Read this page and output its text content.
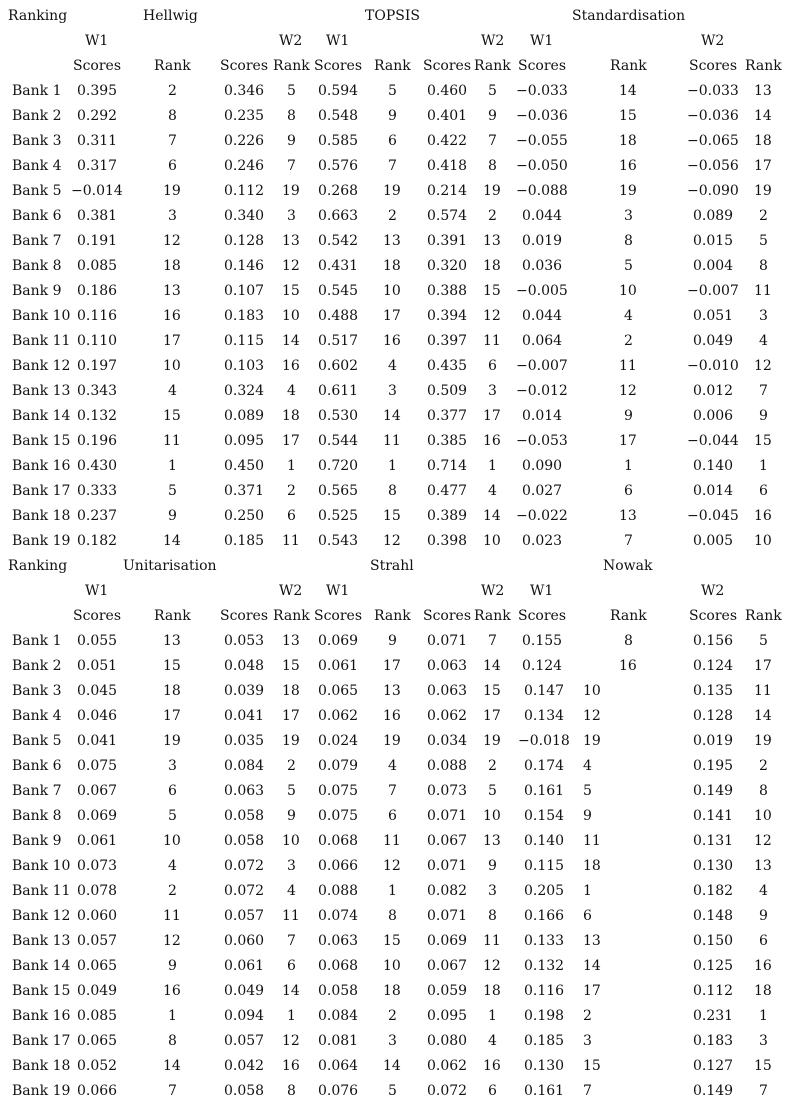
Ranking	Hellwig	TOPSIS	Standardisation
W1	W2 W1	W2 W1	W2
Scores Rank Scores Rank Scores Rank Scores Rank Scores	Rank	Scores Rank
Bank 1 0.395	2	0.346 5 0.594 5 0.460 5 −0.033	14	−0.033 13
Bank 2 0.292	8	0.235 8 0.548 9 0.401 9 −0.036	15	−0.036 14
Bank 3 0.311	7	0.226 9 0.585 6 0.422 7 −0.055	18	−0.065 18
Bank 4 0.317	6	0.246 7 0.576 7 0.418 8 −0.050	16	−0.056 17
Bank 5 −0.014	19	0.112 19 0.268 19 0.214 19 −0.088	19	−0.090 19
Bank 6 0.381	3	0.340 3 0.663 2 0.574 2 0.044	3	0.089 2
Bank 7 0.191	12	0.128 13 0.542 13 0.391 13 0.019	8	0.015 5
Bank 8 0.085	18	0.146 12 0.431 18 0.320 18 0.036	5	0.004 8
Bank 9 0.186	13	0.107 15 0.545 10 0.388 15 −0.005	10	−0.007 11
Bank 10 0.116	16	0.183 10 0.488 17 0.394 12 0.044	4	0.051 3
Bank 11 0.110	17	0.115 14 0.517 16 0.397 11 0.064	2	0.049 4
Bank 12 0.197	10	0.103 16 0.602 4 0.435 6 −0.007	11	−0.010 12
Bank 13 0.343	4	0.324 4 0.611 3 0.509 3 −0.012	12	0.012 7
Bank 14 0.132	15	0.089 18 0.530 14 0.377 17 0.014	9	0.006 9
Bank 15 0.196	11	0.095 17 0.544 11 0.385 16 −0.053	17	−0.044 15
Bank 16 0.430	1	0.450 1 0.720 1 0.714 1 0.090	1	0.140 1
Bank 17 0.333	5	0.371 2 0.565 8 0.477 4 0.027	6	0.014 6
Bank 18 0.237	9	0.250 6 0.525 15 0.389 14 −0.022	13	−0.045 16
Bank 19 0.182	14	0.185 11 0.543 12 0.398 10 0.023	7	0.005 10
Ranking	Unitarisation	Strahl	Nowak
W1	W2 W1	W2 W1	W2
Scores Rank Scores Rank Scores Rank Scores Rank Scores	Rank	Scores Rank
Bank 1 0.055	13	0.053 13 0.069 9 0.071 7 0.155	8	0.156 5
Bank 2 0.051	15	0.048 15 0.061 17 0.063 14 0.124	16	0.124 17
Bank 3 0.045	18	0.039 18 0.065 13 0.063 15 0.147 10	0.135 11
Bank 4 0.046	17	0.041 17 0.062 16 0.062 17 0.134 12	0.128 14
Bank 5 0.041	19	0.035 19 0.024 19 0.034 19 −0.018 19	0.019 19
Bank 6 0.075	3	0.084 2 0.079 4 0.088 2 0.174 4	0.195 2
Bank 7 0.067	6	0.063 5 0.075 7 0.073 5 0.161 5	0.149 8
Bank 8 0.069	5	0.058 9 0.075 6 0.071 10 0.154 9	0.141 10
Bank 9 0.061	10	0.058 10 0.068 11 0.067 13 0.140 11	0.131 12
Bank 10 0.073	4	0.072 3 0.066 12 0.071 9 0.115 18	0.130 13
Bank 11 0.078	2	0.072 4 0.088 1 0.082 3 0.205 1	0.182 4
Bank 12 0.060	11	0.057 11 0.074 8 0.071 8 0.166 6	0.148 9
Bank 13 0.057	12	0.060 7 0.063 15 0.069 11 0.133 13	0.150 6
Bank 14 0.065	9	0.061 6 0.068 10 0.067 12 0.132 14	0.125 16
Bank 15 0.049	16	0.049 14 0.058 18 0.059 18 0.116 17	0.112 18
Bank 16 0.085	1	0.094 1 0.084 2 0.095 1 0.198 2	0.231 1
Bank 17 0.065	8	0.057 12 0.081 3 0.080 4 0.185 3	0.183 3
Bank 18 0.052	14	0.042 16 0.064 14 0.062 16 0.130 15	0.127 15
Bank 19 0.066	7	0.058 8 0.076 5 0.072 6 0.161 7	0.149 7
